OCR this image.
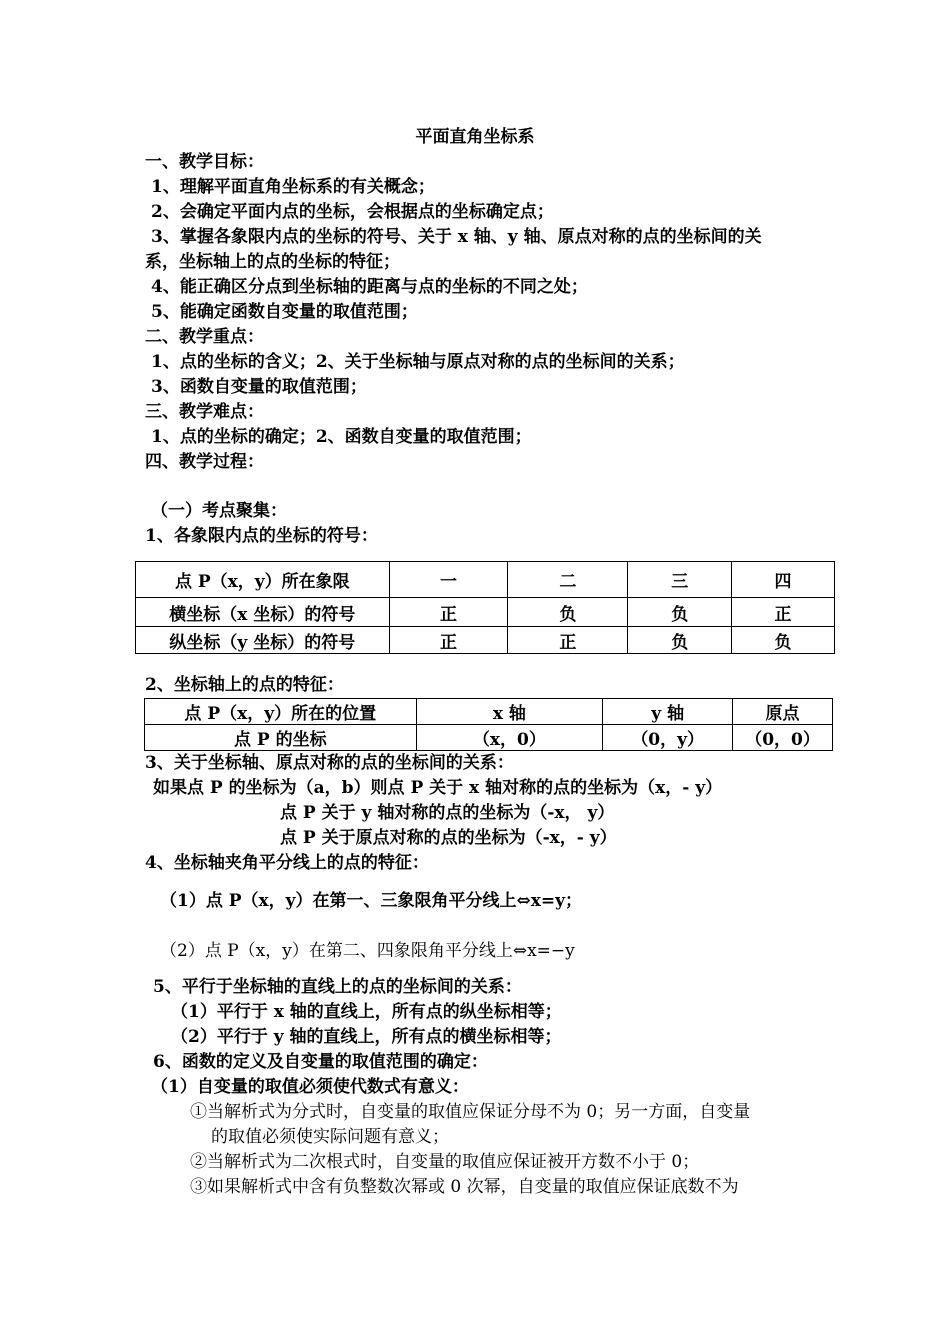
平面直角坐标系
一、教学目标：
1、理解平面直角坐标系的有关概念；
2、会确定平面内点的坐标，会根据点的坐标确定点；
3、掌握各象限内点的坐标的符号、关于 x 轴、y 轴、原点对称的点的坐标间的关
系，坐标轴上的点的坐标的特征；
4、能正确区分点到坐标轴的距离与点的坐标的不同之处；
5、能确定函数自变量的取值范围；
二、教学重点：
1、点的坐标的含义；2、关于坐标轴与原点对称的点的坐标间的关系；
3、函数自变量的取值范围；
三、教学难点：
1、点的坐标的确定；2、函数自变量的取值范围；
四、教学过程：
（一）考点聚集：
1、各象限内点的坐标的符号：
点 P（x，y）所在象限	一	二	三	四
横坐标（x 坐标）的符号	正	负	负	正
纵坐标（y 坐标）的符号	正	正	负	负
2、坐标轴上的点的特征：
点 P（x，y）所在的位置	x 轴	y 轴	原点
点 P 的坐标	（x，0）	（0，y）	（0，0）
3、关于坐标轴、原点对称的点的坐标间的关系：
如果点 P 的坐标为（a，b）则点 P 关于 x 轴对称的点的坐标为（x，- y）
点 P 关于 y 轴对称的点的坐标为（-x， y）
点 P 关于原点对称的点的坐标为（-x，- y）
4、坐标轴夹角平分线上的点的特征：
（1）点 P（x，y）在第一、三象限角平分线上⇔x=y；
（2）点 P（x，y）在第二、四象限角平分线上⇔x=−y
5、平行于坐标轴的直线上的点的坐标间的关系：
（1）平行于 x 轴的直线上，所有点的纵坐标相等；
（2）平行于 y 轴的直线上，所有点的横坐标相等；
6、函数的定义及自变量的取值范围的确定：
（1）自变量的取值必须使代数式有意义：
①当解析式为分式时，自变量的取值应保证分母不为 0；另一方面，自变量
的取值必须使实际问题有意义；
②当解析式为二次根式时，自变量的取值应保证被开方数不小于 0；
③如果解析式中含有负整数次幂或 0 次幂，自变量的取值应保证底数不为
